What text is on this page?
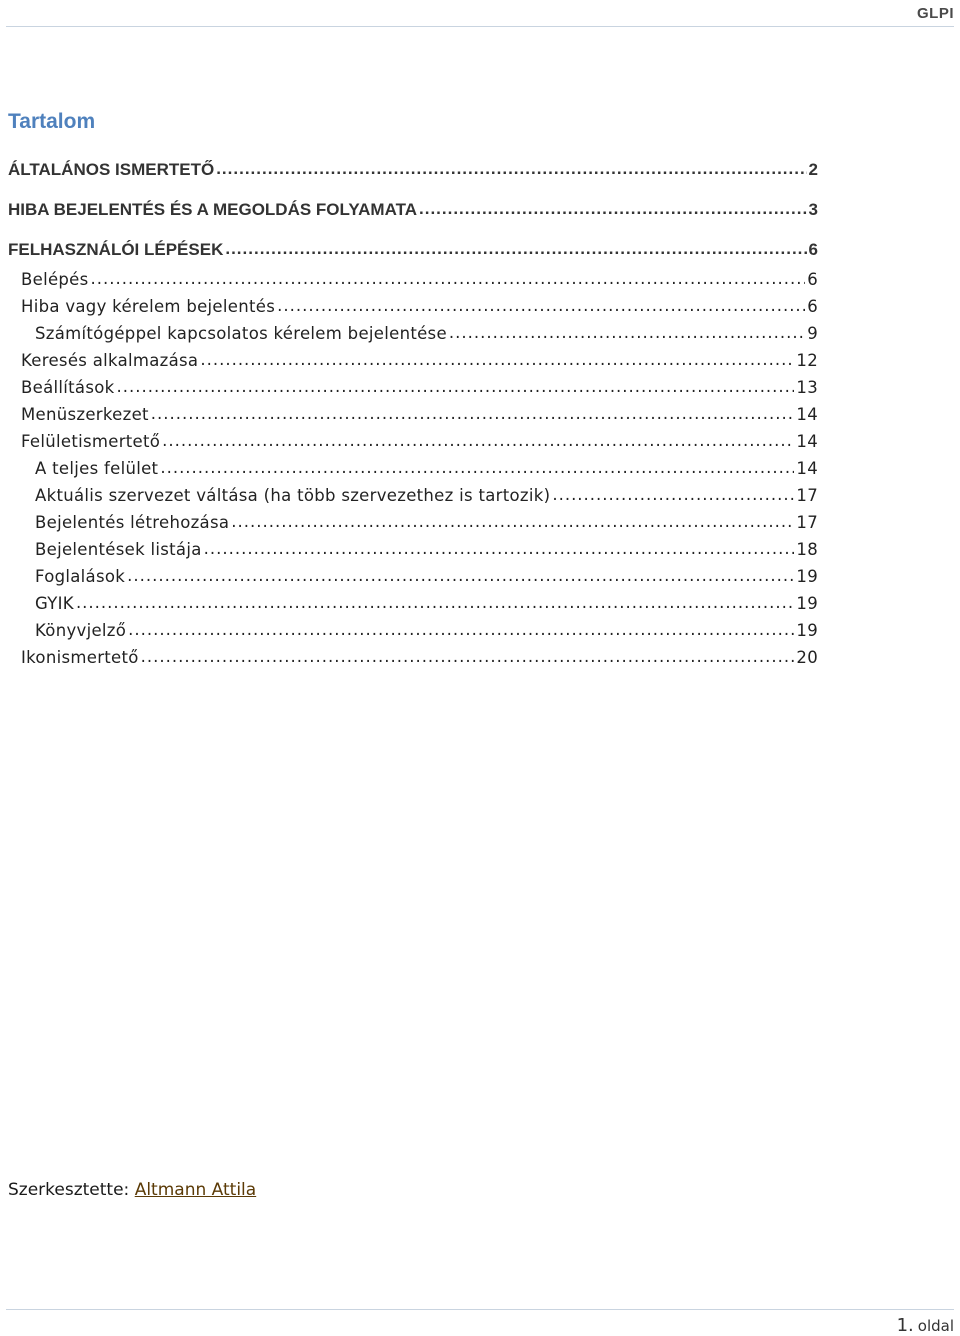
GLPI
Tartalom
ÁLTALÁNOS ISMERTETŐ .....	2
HIBA BEJELENTÉS ÉS A MEGOLDÁS FOLYAMATA .....	3
FELHASZNÁLÓI LÉPÉSEK .....	6
Belépés .....	6
Hiba vagy kérelem bejelentés .....	6
Számítógéppel kapcsolatos kérelem bejelentése .....	9
Keresés alkalmazása .....	12
Beállítások .....	13
Menüszerkezet .....	14
Felületismertető .....	14
A teljes felület .....	14
Aktuális szervezet váltása (ha több szervezethez is tartozik) .....	17
Bejelentés létrehozása .....	17
Bejelentések listája .....	18
Foglalások .....	19
GYIK .....	19
Könyvjelző .....	19
Ikonismertető .....	20
Szerkesztette: Altmann Attila
1. oldal
